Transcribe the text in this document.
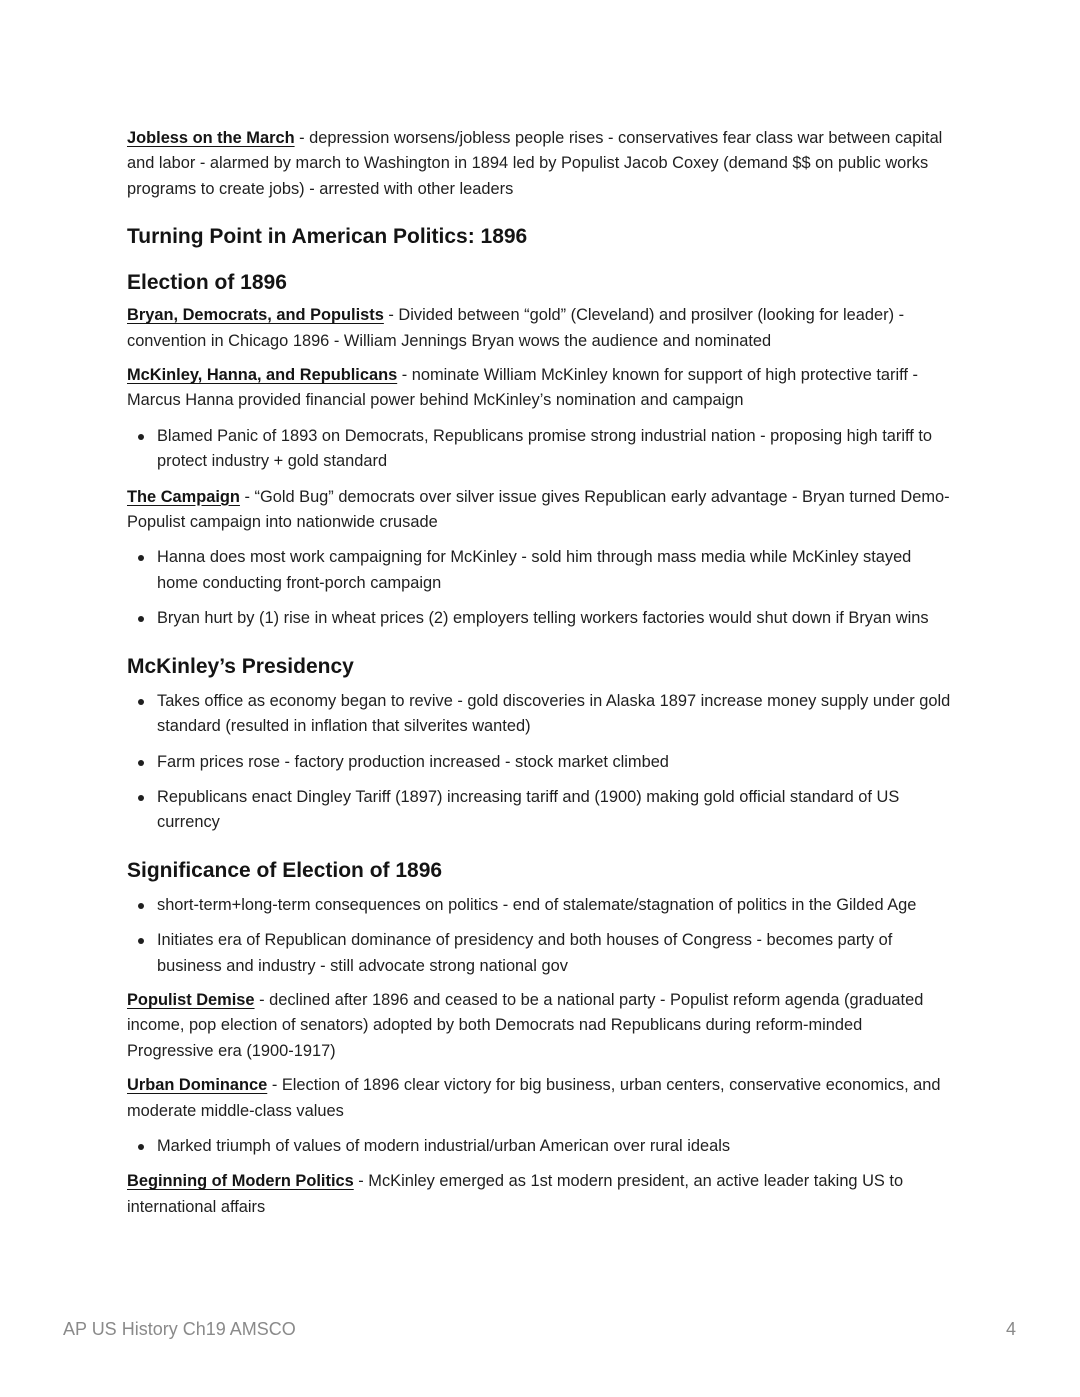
Jobless on the March - depression worsens/jobless people rises - conservatives fear class war between capital and labor - alarmed by march to Washington in 1894 led by Populist Jacob Coxey (demand $$ on public works programs to create jobs) - arrested with other leaders

Turning Point in American Politics: 1896
Election of 1896

Bryan, Democrats, and Populists - Divided between “gold” (Cleveland) and prosilver (looking for leader) - convention in Chicago 1896 - William Jennings Bryan wows the audience and nominated

McKinley, Hanna, and Republicans - nominate William McKinley known for support of high protective tariff - Marcus Hanna provided financial power behind McKinley’s nomination and campaign

Blamed Panic of 1893 on Democrats, Republicans promise strong industrial nation - proposing high tariff to protect industry + gold standard

The Campaign - “Gold Bug” democrats over silver issue gives Republican early advantage - Bryan turned Demo-Populist campaign into nationwide crusade

Hanna does most work campaigning for McKinley - sold him through mass media while McKinley stayed home conducting front-porch campaign
Bryan hurt by (1) rise in wheat prices (2) employers telling workers factories would shut down if Bryan wins
McKinley’s Presidency
Takes office as economy began to revive - gold discoveries in Alaska 1897 increase money supply under gold standard (resulted in inflation that silverites wanted)
Farm prices rose - factory production increased - stock market climbed
Republicans enact Dingley Tariff (1897) increasing tariff and (1900) making gold official standard of US currency
Significance of Election of 1896
short-term+long-term consequences on politics - end of stalemate/stagnation of politics in the Gilded Age
Initiates era of Republican dominance of presidency and both houses of Congress - becomes party of business and industry - still advocate strong national gov

Populist Demise - declined after 1896 and ceased to be a national party - Populist reform agenda (graduated income, pop election of senators) adopted by both Democrats nad Republicans during reform-minded Progressive era (1900-1917)

Urban Dominance - Election of 1896 clear victory for big business, urban centers, conservative economics, and moderate middle-class values

Marked triumph of values of modern industrial/urban American over rural ideals

Beginning of Modern Politics - McKinley emerged as 1st modern president, an active leader taking US to international affairs

AP US History Ch19 AMSCO	4
